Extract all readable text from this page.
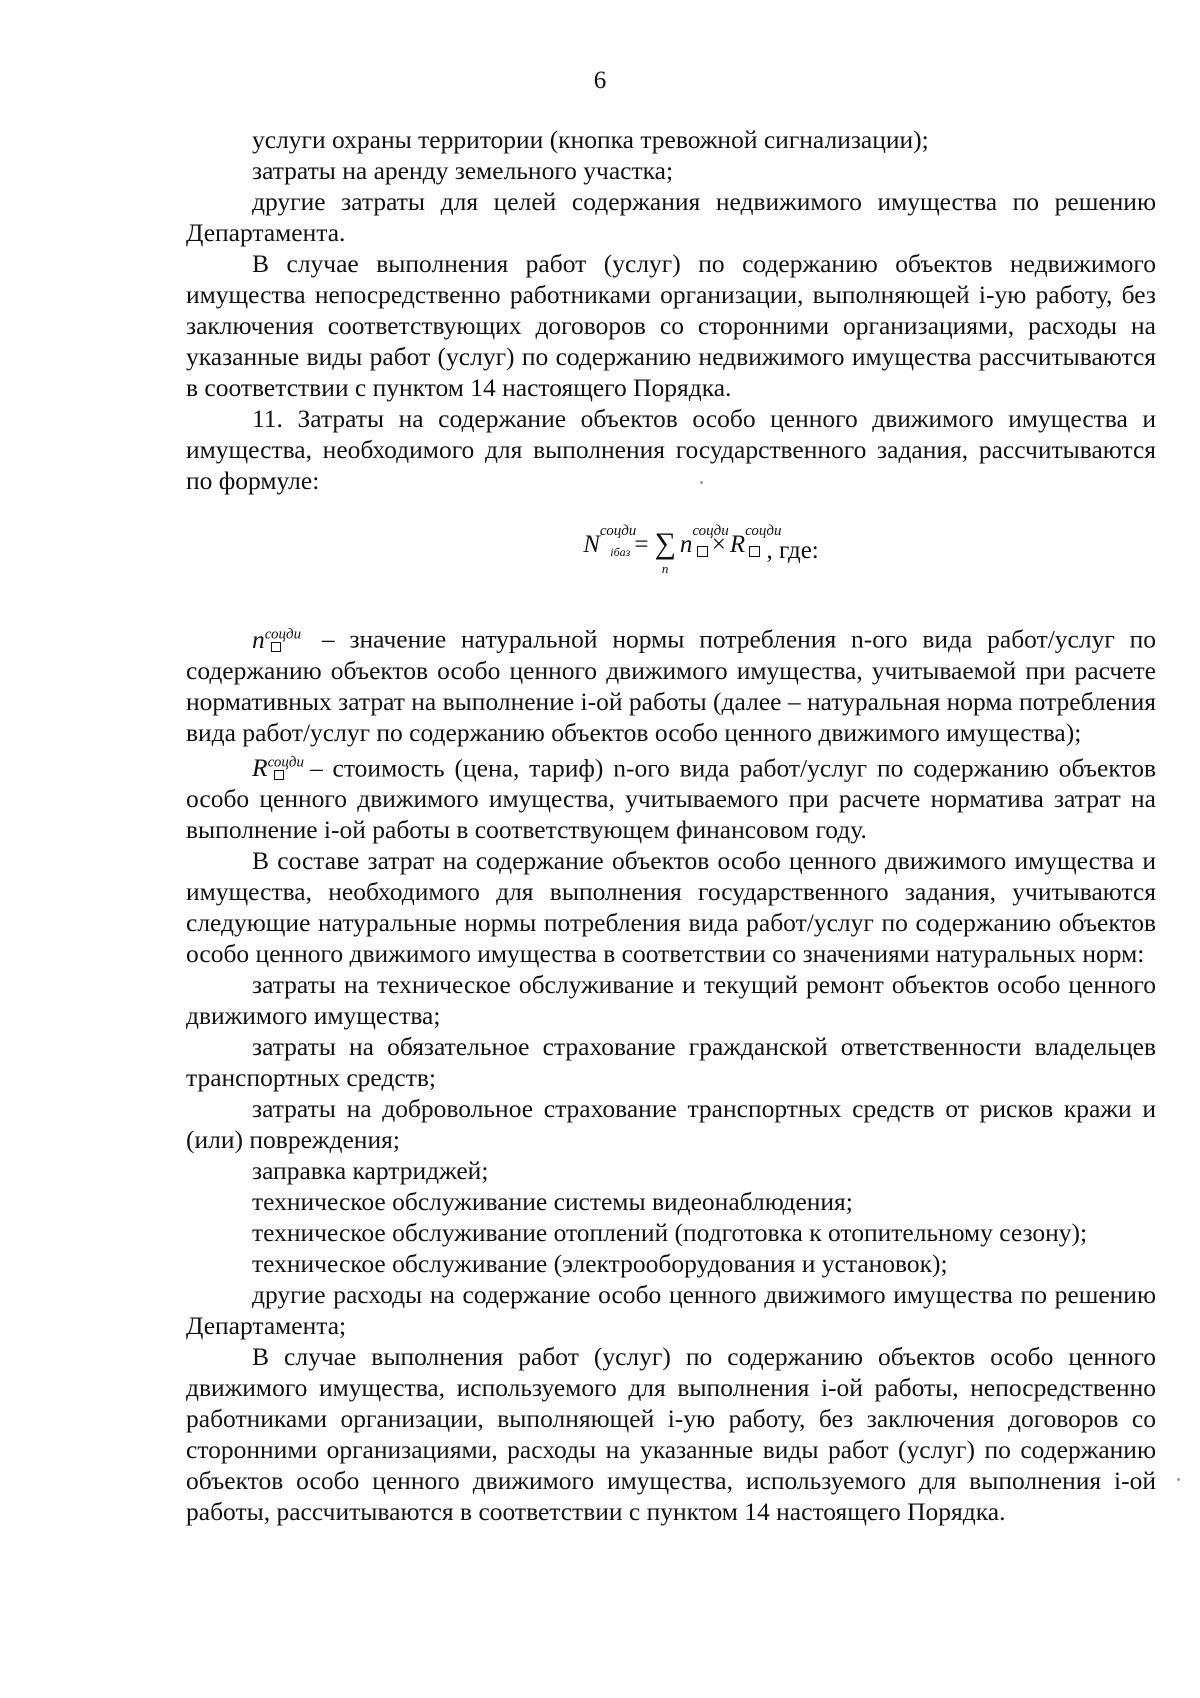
6

услуги охраны территории (кнопка тревожной сигнализации);

затраты на аренду земельного участка;

другие затраты для целей содержания недвижимого имущества по решению Департамента.

В случае выполнения работ (услуг) по содержанию объектов недвижимого имущества непосредственно работниками организации, выполняющей i-ую работу, без заключения соответствующих договоров со сторонними организациями, расходы на указанные виды работ (услуг) по содержанию недвижимого имущества рассчитываются в соответствии с пунктом 14 настоящего Порядка.

11. Затраты на содержание объектов особо ценного движимого имущества и имущества, необходимого для выполнения государственного задания, рассчитываются по формуле:

$N^{соцди}$
iбаз = ∑
n
$n^{соцди}$
× $R^{соцди}$
, где:

$n^{соцди}$ – значение натуральной нормы потребления n-ого вида работ/услуг по содержанию объектов особо ценного движимого имущества, учитываемой при расчете нормативных затрат на выполнение i-ой работы (далее – натуральная норма потребления вида работ/услуг по содержанию объектов особо ценного движимого имущества);

$R^{соцди}$ – стоимость (цена, тариф) n-ого вида работ/услуг по содержанию объектов особо ценного движимого имущества, учитываемого при расчете норматива затрат на выполнение i-ой работы в соответствующем финансовом году.

В составе затрат на содержание объектов особо ценного движимого имущества и имущества, необходимого для выполнения государственного задания, учитываются следующие натуральные нормы потребления вида работ/услуг по содержанию объектов особо ценного движимого имущества в соответствии со значениями натуральных норм:

затраты на техническое обслуживание и текущий ремонт объектов особо ценного движимого имущества;

затраты на обязательное страхование гражданской ответственности владельцев транспортных средств;

затраты на добровольное страхование транспортных средств от рисков кражи и (или) повреждения;

заправка картриджей;

техническое обслуживание системы видеонаблюдения;

техническое обслуживание отоплений (подготовка к отопительному сезону);

техническое обслуживание (электрооборудования и установок);

другие расходы на содержание особо ценного движимого имущества по решению Департамента;

В случае выполнения работ (услуг) по содержанию объектов особо ценного движимого имущества, используемого для выполнения i-ой работы, непосредственно работниками организации, выполняющей i-ую работу, без заключения договоров со сторонними организациями, расходы на указанные виды работ (услуг) по содержанию объектов особо ценного движимого имущества, используемого для выполнения i-ой работы, рассчитываются в соответствии с пунктом 14 настоящего Порядка.
